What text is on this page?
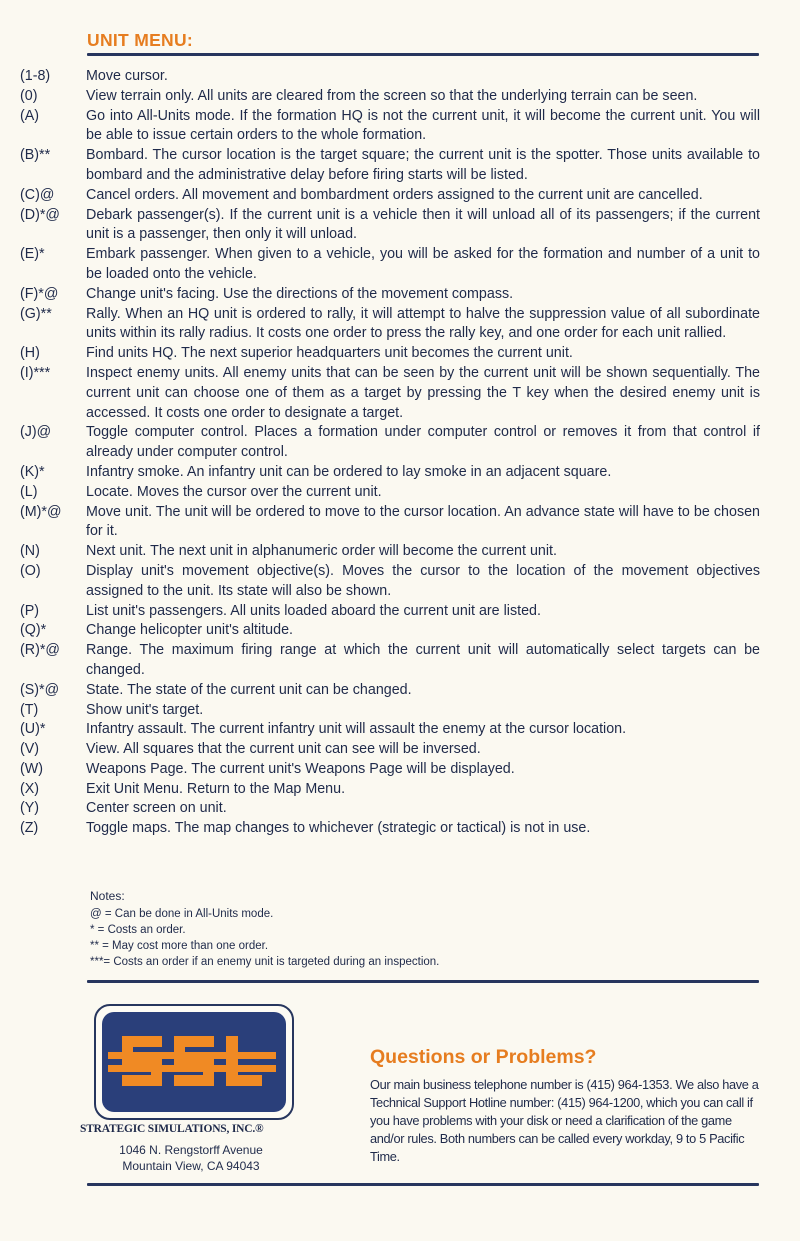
UNIT MENU:
(1-8)	Move cursor.
(0)	View terrain only. All units are cleared from the screen so that the underlying terrain can be seen.
(A)	Go into All-Units mode. If the formation HQ is not the current unit, it will become the current unit. You will be able to issue certain orders to the whole formation.
(B)**	Bombard. The cursor location is the target square; the current unit is the spotter. Those units available to bombard and the administrative delay before firing starts will be listed.
(C)@	Cancel orders. All movement and bombardment orders assigned to the current unit are cancelled.
(D)*@	Debark passenger(s). If the current unit is a vehicle then it will unload all of its passengers; if the current unit is a passenger, then only it will unload.
(E)*	Embark passenger. When given to a vehicle, you will be asked for the formation and number of a unit to be loaded onto the vehicle.
(F)*@	Change unit's facing. Use the directions of the movement compass.
(G)**	Rally. When an HQ unit is ordered to rally, it will attempt to halve the suppression value of all subordinate units within its rally radius. It costs one order to press the rally key, and one order for each unit rallied.
(H)	Find units HQ. The next superior headquarters unit becomes the current unit.
(I)***	Inspect enemy units. All enemy units that can be seen by the current unit will be shown sequentially. The current unit can choose one of them as a target by pressing the T key when the desired enemy unit is accessed. It costs one order to designate a target.
(J)@	Toggle computer control. Places a formation under computer control or removes it from that control if already under computer control.
(K)*	Infantry smoke. An infantry unit can be ordered to lay smoke in an adjacent square.
(L)	Locate. Moves the cursor over the current unit.
(M)*@	Move unit. The unit will be ordered to move to the cursor location. An advance state will have to be chosen for it.
(N)	Next unit. The next unit in alphanumeric order will become the current unit.
(O)	Display unit's movement objective(s). Moves the cursor to the location of the movement objectives assigned to the unit. Its state will also be shown.
(P)	List unit's passengers. All units loaded aboard the current unit are listed.
(Q)*	Change helicopter unit's altitude.
(R)*@	Range. The maximum firing range at which the current unit will automatically select targets can be changed.
(S)*@	State. The state of the current unit can be changed.
(T)	Show unit's target.
(U)*	Infantry assault. The current infantry unit will assault the enemy at the cursor location.
(V)	View. All squares that the current unit can see will be inversed.
(W)	Weapons Page. The current unit's Weapons Page will be displayed.
(X)	Exit Unit Menu. Return to the Map Menu.
(Y)	Center screen on unit.
(Z)	Toggle maps. The map changes to whichever (strategic or tactical) is not in use.
Notes:
@ = Can be done in All-Units mode.
* = Costs an order.
** = May cost more than one order.
***= Costs an order if an enemy unit is targeted during an inspection.
STRATEGIC SIMULATIONS, INC.®
1046 N. Rengstorff Avenue
Mountain View, CA 94043
Questions or Problems?
Our main business telephone number is (415) 964-1353. We also have a Technical Support Hotline number: (415) 964-1200, which you can call if you have problems with your disk or need a clarification of the game and/or rules. Both numbers can be called every workday, 9 to 5 Pacific Time.
